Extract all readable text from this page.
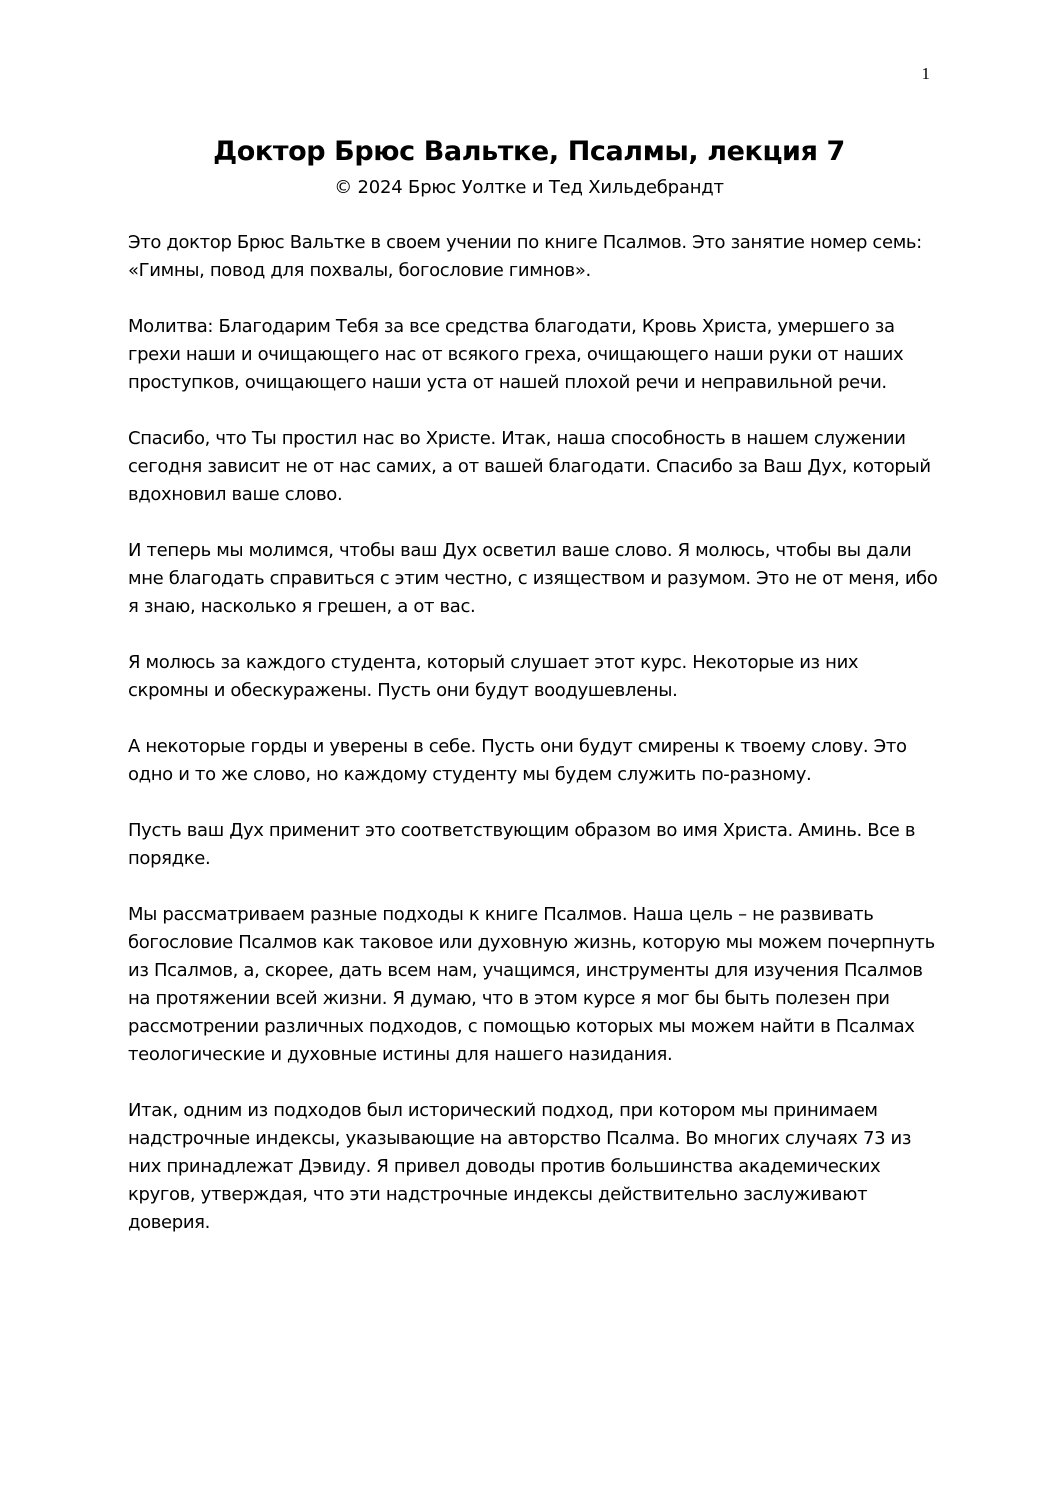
1
Доктор Брюс Вальтке, Псалмы, лекция 7
© 2024 Брюс Уолтке и Тед Хильдебрандт

Это доктор Брюс Вальтке в своем учении по книге Псалмов. Это занятие номер семь: «Гимны, повод для похвалы, богословие гимнов».

Молитва: Благодарим Тебя за все средства благодати, Кровь Христа, умершего за грехи наши и очищающего нас от всякого греха, очищающего наши руки от наших проступков, очищающего наши уста от нашей плохой речи и неправильной речи.

Спасибо, что Ты простил нас во Христе. Итак, наша способность в нашем служении сегодня зависит не от нас самих, а от вашей благодати. Спасибо за Ваш Дух, который вдохновил ваше слово.

И теперь мы молимся, чтобы ваш Дух осветил ваше слово. Я молюсь, чтобы вы дали мне благодать справиться с этим честно, с изяществом и разумом. Это не от меня, ибо я знаю, насколько я грешен, а от вас.

Я молюсь за каждого студента, который слушает этот курс. Некоторые из них скромны и обескуражены. Пусть они будут воодушевлены.

А некоторые горды и уверены в себе. Пусть они будут смирены к твоему слову. Это одно и то же слово, но каждому студенту мы будем служить по-разному.

Пусть ваш Дух применит это соответствующим образом во имя Христа. Аминь. Все в порядке.

Мы рассматриваем разные подходы к книге Псалмов. Наша цель – не развивать богословие Псалмов как таковое или духовную жизнь, которую мы можем почерпнуть из Псалмов, а, скорее, дать всем нам, учащимся, инструменты для изучения Псалмов на протяжении всей жизни. Я думаю, что в этом курсе я мог бы быть полезен при рассмотрении различных подходов, с помощью которых мы можем найти в Псалмах теологические и духовные истины для нашего назидания.

Итак, одним из подходов был исторический подход, при котором мы принимаем надстрочные индексы, указывающие на авторство Псалма. Во многих случаях 73 из них принадлежат Дэвиду. Я привел доводы против большинства академических кругов, утверждая, что эти надстрочные индексы действительно заслуживают доверия.
